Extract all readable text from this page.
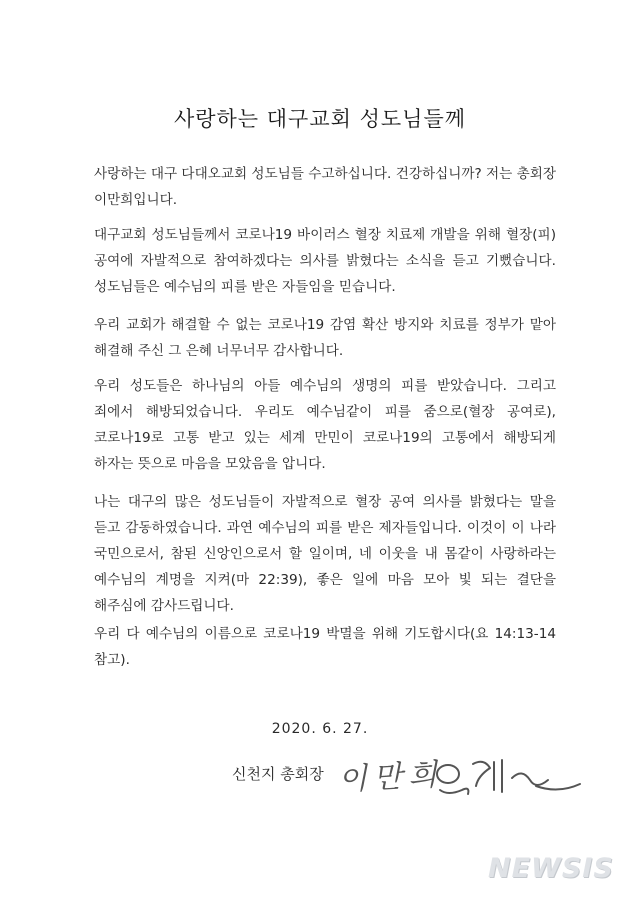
사랑하는 대구교회 성도님들께
사랑하는 대구 다대오교회 성도님들 수고하십니다. 건강하십니까? 저는 총회장 이만희입니다.
대구교회 성도님들께서 코로나19 바이러스 혈장 치료제 개발을 위해 혈장(피) 공여에 자발적으로 참여하겠다는 의사를 밝혔다는 소식을 듣고 기뻤습니다. 성도님들은 예수님의 피를 받은 자들임을 믿습니다.
우리 교회가 해결할 수 없는 코로나19 감염 확산 방지와 치료를 정부가 맡아 해결해 주신 그 은혜 너무너무 감사합니다.
우리 성도들은 하나님의 아들 예수님의 생명의 피를 받았습니다. 그리고 죄에서 해방되었습니다. 우리도 예수님같이 피를 줌으로(혈장 공여로), 코로나19로 고통 받고 있는 세계 만민이 코로나19의 고통에서 해방되게 하자는 뜻으로 마음을 모았음을 압니다.
나는 대구의 많은 성도님들이 자발적으로 혈장 공여 의사를 밝혔다는 말을 듣고 감동하였습니다. 과연 예수님의 피를 받은 제자들입니다. 이것이 이 나라 국민으로서, 참된 신앙인으로서 할 일이며, 네 이웃을 내 몸같이 사랑하라는 예수님의 계명을 지켜(마 22:39), 좋은 일에 마음 모아 빛 되는 결단을 해주심에 감사드립니다.
우리 다 예수님의 이름으로 코로나19 박멸을 위해 기도합시다(요 14:13-14 참고).
2020. 6. 27.
신천지 총회장 이만희
NEWSIS
